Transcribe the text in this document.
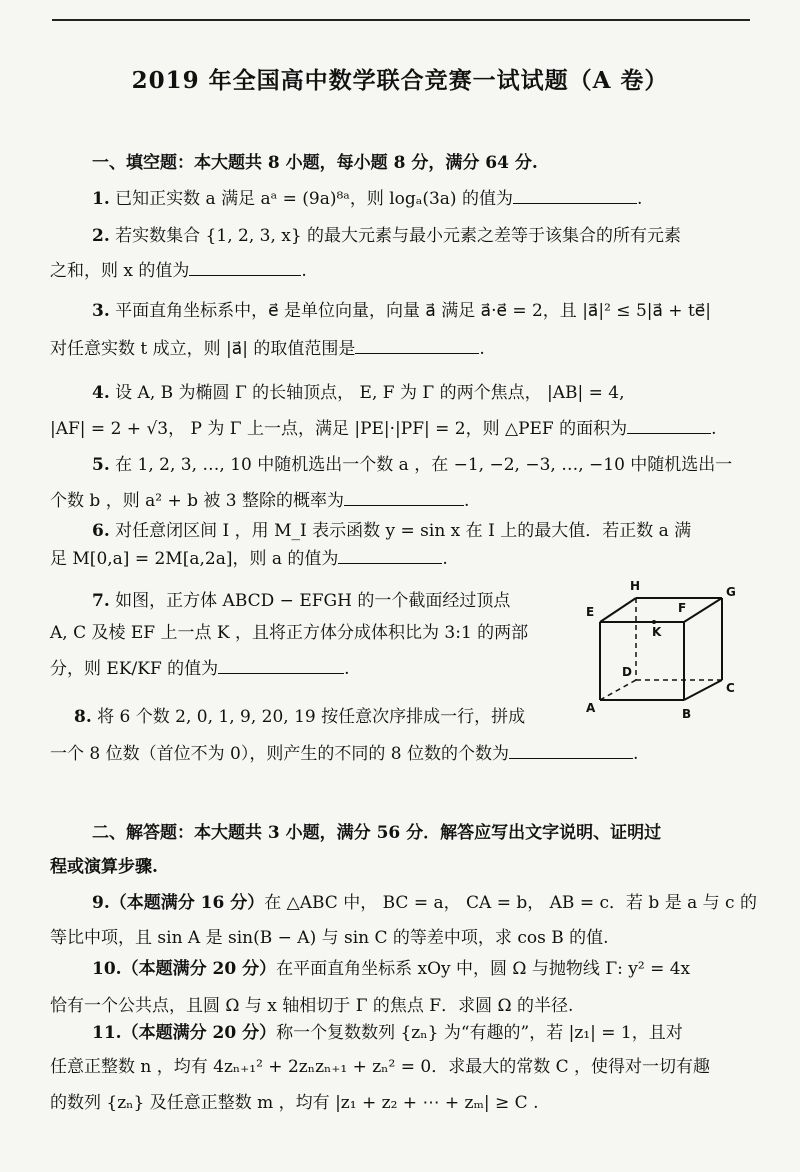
2019 年全国高中数学联合竞赛一试试题（A 卷）
一、填空题：本大题共 8 小题，每小题 8 分，满分 64 分.
1. 已知正实数 a 满足 aᵃ = (9a)⁸ᵃ，则 logₐ(3a) 的值为	.
2. 若实数集合 {1, 2, 3, x} 的最大元素与最小元素之差等于该集合的所有元素
之和，则 x 的值为	.
3. 平面直角坐标系中，e⃗ 是单位向量，向量 a⃗ 满足 a⃗·e⃗ = 2，且 |a⃗|² ≤ 5|a⃗ + te⃗|
对任意实数 t 成立，则 |a⃗| 的取值范围是	.
4. 设 A, B 为椭圆 Γ 的长轴顶点， E, F 为 Γ 的两个焦点， |AB| = 4,
|AF| = 2 + √3， P 为 Γ 上一点，满足 |PE|·|PF| = 2，则 △PEF 的面积为	.
5. 在 1, 2, 3, …, 10 中随机选出一个数 a ，在 −1, −2, −3, …, −10 中随机选出一
个数 b ，则 a² + b 被 3 整除的概率为	.
6. 对任意闭区间 I ，用 M_I 表示函数 y = sin x 在 I 上的最大值．若正数 a 满
足 M[0,a] = 2M[a,2a]，则 a 的值为	.
7. 如图，正方体 ABCD − EFGH 的一个截面经过顶点
A, C 及棱 EF 上一点 K ，且将正方体分成体积比为 3:1 的两部
分，则 EK/KF 的值为	.
H	G
E	F
K
D
C
A	B
8. 将 6 个数 2, 0, 1, 9, 20, 19 按任意次序排成一行，拼成
一个 8 位数（首位不为 0），则产生的不同的 8 位数的个数为	.
二、解答题：本大题共 3 小题，满分 56 分．解答应写出文字说明、证明过
程或演算步骤.
9.（本题满分 16 分）在 △ABC 中， BC = a， CA = b， AB = c．若 b 是 a 与 c 的
等比中项，且 sin A 是 sin(B − A) 与 sin C 的等差中项，求 cos B 的值.
10.（本题满分 20 分）在平面直角坐标系 xOy 中，圆 Ω 与抛物线 Γ: y² = 4x
恰有一个公共点，且圆 Ω 与 x 轴相切于 Γ 的焦点 F．求圆 Ω 的半径.
11.（本题满分 20 分）称一个复数数列 {zₙ} 为“有趣的”，若 |z₁| = 1，且对
任意正整数 n ，均有 4zₙ₊₁² + 2zₙzₙ₊₁ + zₙ² = 0．求最大的常数 C ，使得对一切有趣
的数列 {zₙ} 及任意正整数 m ，均有 |z₁ + z₂ + ⋯ + zₘ| ≥ C .
